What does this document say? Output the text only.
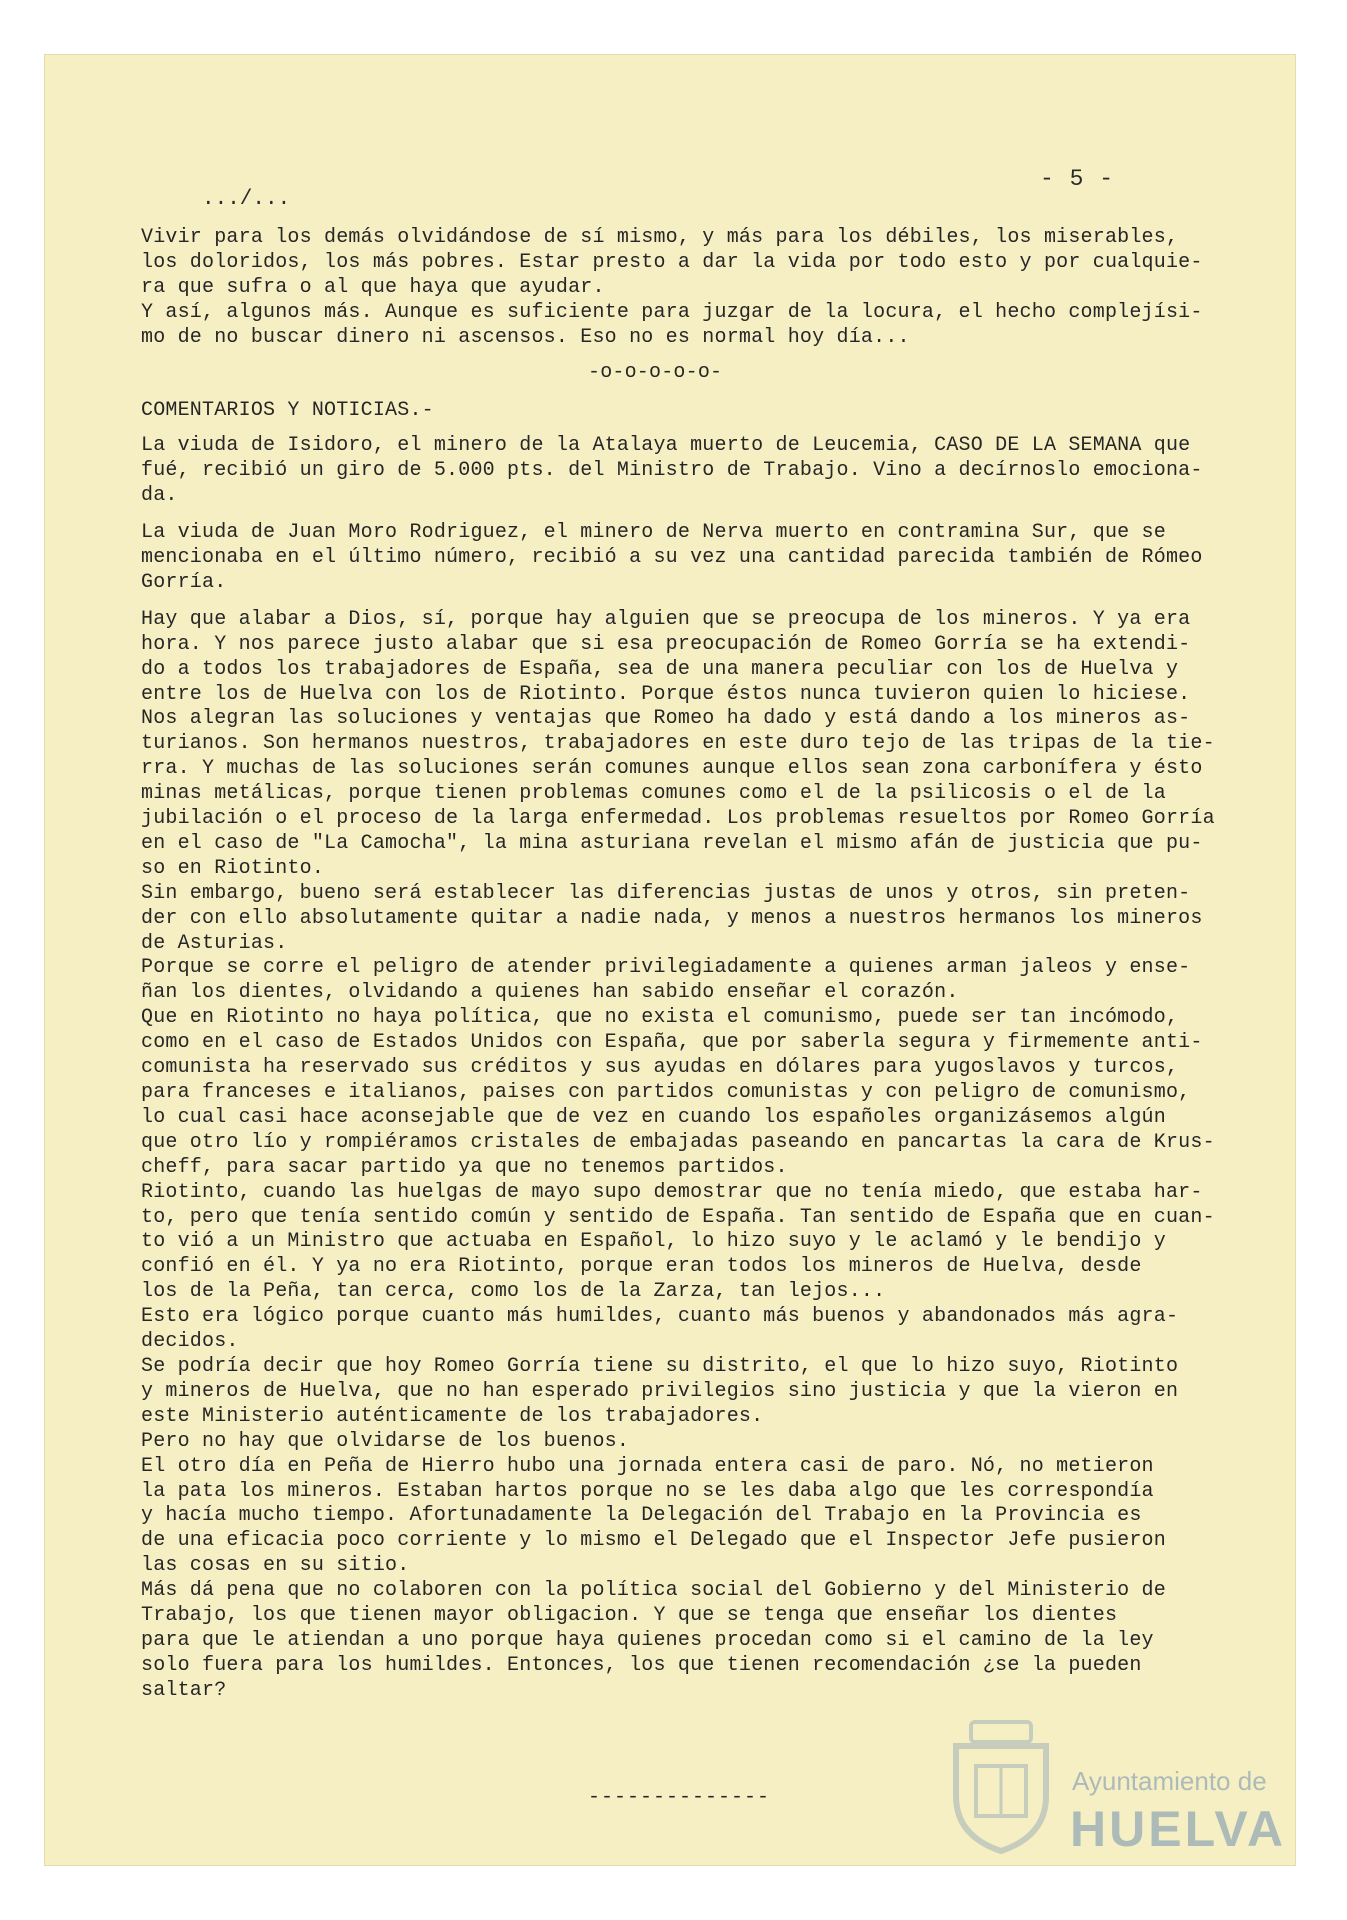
- 5 -
.../...

Vivir para los demás olvidándose de sí mismo, y más para los débiles, los miserables,

los doloridos, los más pobres. Estar presto a dar la vida por todo esto y por cualquie-

ra que sufra o al que haya que ayudar.

Y así, algunos más. Aunque es suficiente para juzgar de la locura, el hecho complejísi-

mo de no buscar dinero ni ascensos. Eso no es normal hoy día...

-o-o-o-o-o-

COMENTARIOS Y NOTICIAS.-

La viuda de Isidoro, el minero de la Atalaya muerto de Leucemia, CASO DE LA SEMANA que

fué, recibió un giro de 5.000 pts. del Ministro de Trabajo. Vino a decírnoslo emociona-

da.

La viuda de Juan Moro Rodriguez, el minero de Nerva muerto en contramina Sur, que se

mencionaba en el último número, recibió a su vez una cantidad parecida también de Rómeo

Gorría.

Hay que alabar a Dios, sí, porque hay alguien que se preocupa de los mineros. Y ya era

hora. Y nos parece justo alabar que si esa preocupación de Romeo Gorría se ha extendi-

do a todos los trabajadores de España, sea de una manera peculiar con los de Huelva y

entre los de Huelva con los de Riotinto. Porque éstos nunca tuvieron quien lo hiciese.

Nos alegran las soluciones y ventajas que Romeo ha dado y está dando a los mineros as-

turianos. Son hermanos nuestros, trabajadores en este duro tejo de las tripas de la tie-

rra. Y muchas de las soluciones serán comunes aunque ellos sean zona carbonífera y ésto

minas metálicas, porque tienen problemas comunes como el de la psilicosis o el de la

jubilación o el proceso de la larga enfermedad. Los problemas resueltos por Romeo Gorría

en el caso de "La Camocha", la mina asturiana revelan el mismo afán de justicia que pu-

so en Riotinto.

Sin embargo, bueno será establecer las diferencias justas de unos y otros, sin preten-

der con ello absolutamente quitar a nadie nada, y menos a nuestros hermanos los mineros

de Asturias.

Porque se corre el peligro de atender privilegiadamente a quienes arman jaleos y ense-

ñan los dientes, olvidando a quienes han sabido enseñar el corazón.

Que en Riotinto no haya política, que no exista el comunismo, puede ser tan incómodo,

como en el caso de Estados Unidos con España, que por saberla segura y firmemente anti-

comunista ha reservado sus créditos y sus ayudas en dólares para yugoslavos y turcos,

para franceses e italianos, paises con partidos comunistas y con peligro de comunismo,

lo cual casi hace aconsejable que de vez en cuando los españoles organizásemos algún

que otro lío y rompiéramos cristales de embajadas paseando en pancartas la cara de Krus-

cheff, para sacar partido ya que no tenemos partidos.

Riotinto, cuando las huelgas de mayo supo demostrar que no tenía miedo, que estaba har-

to, pero que tenía sentido común y sentido de España. Tan sentido de España que en cuan-

to vió a un Ministro que actuaba en Español, lo hizo suyo y le aclamó y le bendijo y

confió en él. Y ya no era Riotinto, porque eran todos los mineros de Huelva, desde

los de la Peña, tan cerca, como los de la Zarza, tan lejos...

Esto era lógico porque cuanto más humildes, cuanto más buenos y abandonados más agra-

decidos.

Se podría decir que hoy Romeo Gorría tiene su distrito, el que lo hizo suyo, Riotinto

y mineros de Huelva, que no han esperado privilegios sino justicia y que la vieron en

este Ministerio auténticamente de los trabajadores.

Pero no hay que olvidarse de los buenos.

El otro día en Peña de Hierro hubo una jornada entera casi de paro. Nó, no metieron

la pata los mineros. Estaban hartos porque no se les daba algo que les correspondía

y hacía mucho tiempo. Afortunadamente la Delegación del Trabajo en la Provincia es

de una eficacia poco corriente y lo mismo el Delegado que el Inspector Jefe pusieron

las cosas en su sitio.

Más dá pena que no colaboren con la política social del Gobierno y del Ministerio de

Trabajo, los que tienen mayor obligacion. Y que se tenga que enseñar los dientes

para que le atiendan a uno porque haya quienes procedan como si el camino de la ley

solo fuera para los humildes. Entonces, los que tienen recomendación ¿se la pueden

saltar?

--------------
Ayuntamiento de
HUELVA
